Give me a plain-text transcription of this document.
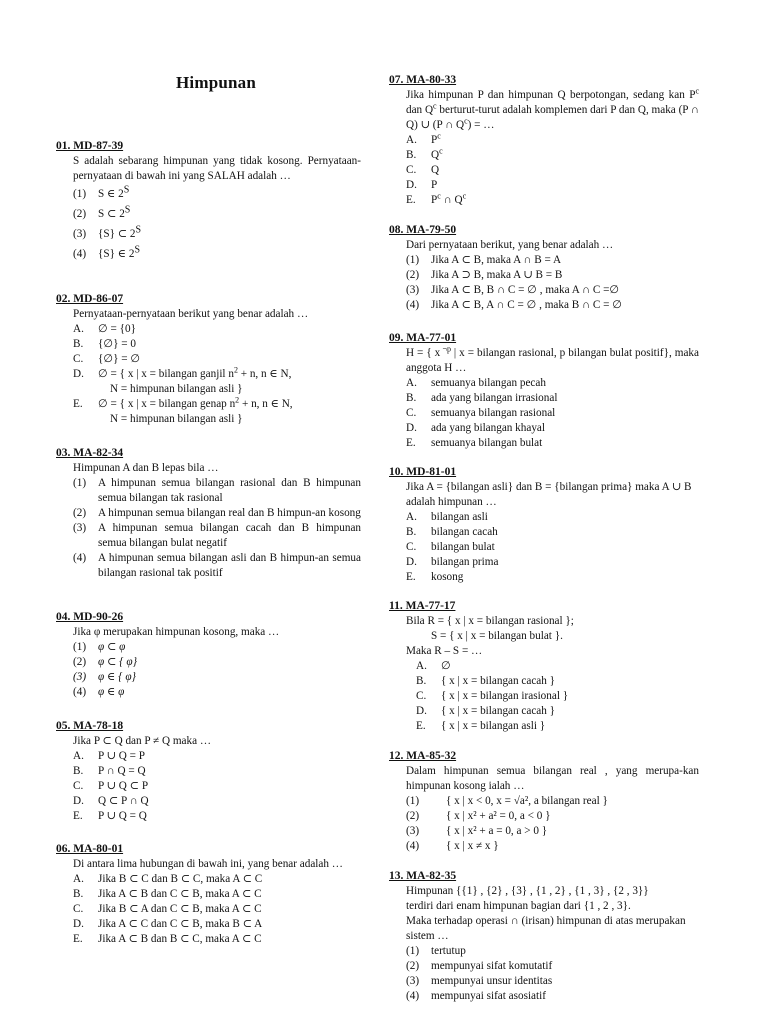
Himpunan
01. MD-87-39
S adalah sebarang himpunan yang tidak kosong. Pernyataan-pernyataan di bawah ini yang SALAH adalah …
(1)	S ∈ $2^S$
(2)	S ⊂ $2^S$
(3)	{S} ⊂ $2^S$
(4)	{S} ∈ $2^S$
02. MD-86-07
Pernyataan-pernyataan berikut yang benar adalah …
A.	∅ = {0}
B.	{∅} = 0
C.	{∅} = ∅
D.	∅ = { x | x = bilangan ganjil $n^2 + n$, n ∈ N,
N = himpunan bilangan asli }
E.	∅ = { x | x = bilangan genap $n^2 + n$, n ∈ N,
N = himpunan bilangan asli }
03. MA-82-34
Himpunan A dan B lepas bila …
(1)	A himpunan semua bilangan rasional dan B himpunan semua bilangan tak rasional
(2)	A himpunan semua bilangan real dan B himpun-an kosong
(3)	A himpunan semua bilangan cacah dan B himpunan semua bilangan bulat negatif
(4)	A himpunan semua bilangan asli dan B himpun-an semua bilangan rasional tak positif
04. MD-90-26
Jika φ merupakan himpunan kosong, maka …
(1)	φ ⊂ φ
(2)	φ ⊂ { φ}
(3)	φ ∈ { φ}
(4)	φ ∈ φ
05. MA-78-18
Jika P ⊂ Q dan P ≠ Q maka …
A.	P ∪ Q = P
B.	P ∩ Q = Q
C.	P ∪ Q ⊂ P
D.	Q ⊂ P ∩ Q
E.	P ∪ Q = Q
06. MA-80-01
Di antara lima hubungan di bawah ini, yang benar adalah …
A.	Jika B ⊂ C dan B ⊂ C, maka A ⊂ C
B.	Jika A ⊂ B dan C ⊂ B, maka A ⊂ C
C.	Jika B ⊂ A dan C ⊂ B, maka A ⊂ C
D.	Jika A ⊂ C dan C ⊂ B, maka B ⊂ A
E.	Jika A ⊂ B dan B ⊂ C, maka A ⊂ C
07. MA-80-33
Jika himpunan P dan himpunan Q berpotongan, sedang kan $P^c$ dan $Q^c$ berturut-turut adalah komplemen dari P dan Q, maka (P ∩ Q) ∪ (P ∩ $Q^c$) = …
A.	$P^c$
B.	$Q^c$
C.	Q
D.	P
E.	$P^c$ ∩ $Q^c$
08. MA-79-50
Dari pernyataan berikut, yang benar adalah …
(1)	Jika A ⊂ B, maka A ∩ B = A
(2)	Jika A ⊃ B, maka A ∪ B = B
(3)	Jika A ⊂ B, B ∩ C = ∅ , maka A ∩ C =∅
(4)	Jika A ⊂ B, A ∩ C = ∅ , maka B ∩ C = ∅
09. MA-77-01
H = { x $^{\neg p}$ | x = bilangan rasional, p bilangan bulat positif}, maka anggota H …
A.	semuanya bilangan pecah
B.	ada yang bilangan irrasional
C.	semuanya bilangan rasional
D.	ada yang bilangan khayal
E.	semuanya bilangan bulat
10. MD-81-01
Jika A = {bilangan asli} dan B = {bilangan prima} maka A ∪ B adalah himpunan …
A.	bilangan asli
B.	bilangan cacah
C.	bilangan bulat
D.	bilangan prima
E.	kosong
11. MA-77-17
Bila R = { x | x = bilangan rasional };
S = { x | x = bilangan bulat }.
Maka R – S = …
A.	∅
B.	{ x | x = bilangan cacah }
C.	{ x | x = bilangan irasional }
D.	{ x | x = bilangan cacah }
E.	{ x | x = bilangan asli }
12. MA-85-32
Dalam himpunan semua bilangan real , yang merupa-kan himpunan kosong ialah …
(1)	{ x | x < 0, x = √a², a bilangan real }
(2)	{ x | x² + a² = 0, a < 0 }
(3)	{ x | x² + a = 0, a > 0 }
(4)	{ x | x ≠ x }
13. MA-82-35
Himpunan {{1} , {2} , {3} , {1 , 2} , {1 , 3} , {2 , 3}}
terdiri dari enam himpunan bagian dari {1 , 2 , 3}.
Maka terhadap operasi ∩ (irisan) himpunan di atas merupakan sistem …
(1)	tertutup
(2)	mempunyai sifat komutatif
(3)	mempunyai unsur identitas
(4)	mempunyai sifat asosiatif
